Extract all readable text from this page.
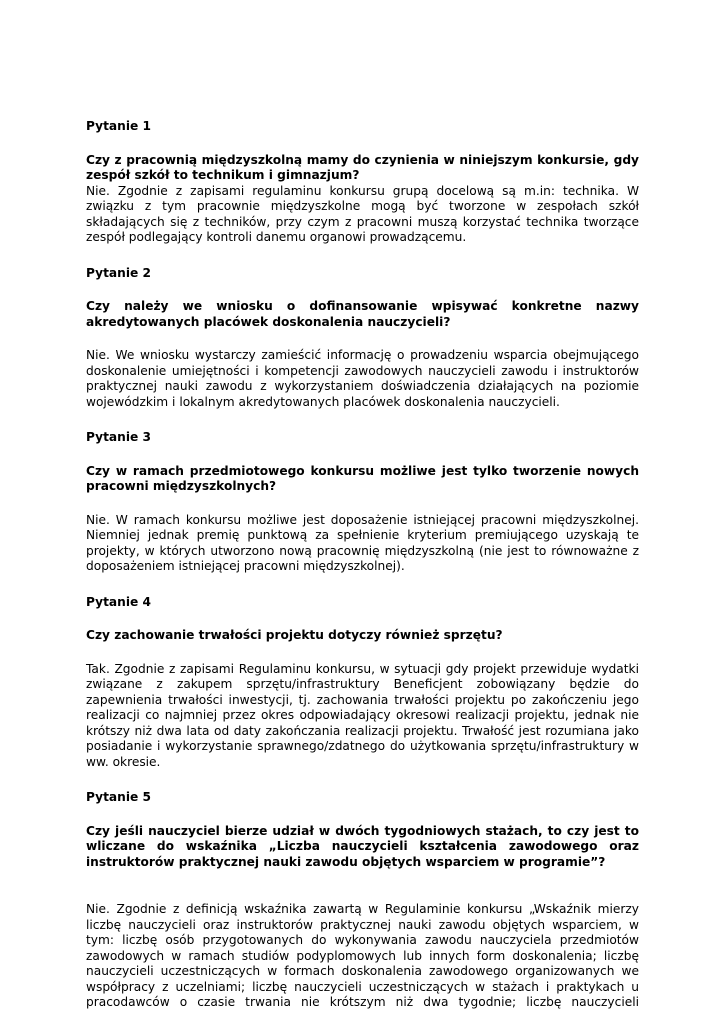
Pytanie 1

Czy z pracownią międzyszkolną mamy do czynienia w niniejszym konkursie, gdy zespół szkół to technikum i gimnazjum?

Nie. Zgodnie z zapisami regulaminu konkursu grupą docelową są m.in: technika. W związku z tym pracownie międzyszkolne mogą być tworzone w zespołach szkół składających się z techników, przy czym z pracowni muszą korzystać technika tworzące zespół podlegający kontroli danemu organowi prowadzącemu.

Pytanie 2

Czy należy we wniosku o dofinansowanie wpisywać konkretne nazwy akredytowanych placówek doskonalenia nauczycieli?

Nie. We wniosku wystarczy zamieścić informację o prowadzeniu wsparcia obejmującego doskonalenie umiejętności i kompetencji zawodowych nauczycieli zawodu i instruktorów praktycznej nauki zawodu z wykorzystaniem doświadczenia działających na poziomie wojewódzkim i lokalnym akredytowanych placówek doskonalenia nauczycieli.

Pytanie 3

Czy w ramach przedmiotowego konkursu możliwe jest tylko tworzenie nowych pracowni międzyszkolnych?

Nie. W ramach konkursu możliwe jest doposażenie istniejącej pracowni międzyszkolnej. Niemniej jednak premię punktową za spełnienie kryterium premiującego uzyskają te projekty, w których utworzono nową pracownię międzyszkolną (nie jest to równoważne z doposażeniem istniejącej pracowni międzyszkolnej).

Pytanie 4

Czy zachowanie trwałości projektu dotyczy również sprzętu?

Tak. Zgodnie z zapisami Regulaminu konkursu, w sytuacji gdy projekt przewiduje wydatki związane z zakupem sprzętu/infrastruktury Beneficjent zobowiązany będzie do zapewnienia trwałości inwestycji, tj. zachowania trwałości projektu po zakończeniu jego realizacji co najmniej przez okres odpowiadający okresowi realizacji projektu, jednak nie krótszy niż dwa lata od daty zakończania realizacji projektu. Trwałość jest rozumiana jako posiadanie i wykorzystanie sprawnego/zdatnego do użytkowania sprzętu/infrastruktury w ww. okresie.

Pytanie 5

Czy jeśli nauczyciel bierze udział w dwóch tygodniowych stażach, to czy jest to wliczane do wskaźnika „Liczba nauczycieli kształcenia zawodowego oraz instruktorów praktycznej nauki zawodu objętych wsparciem w programie”?

Nie. Zgodnie z definicją wskaźnika zawartą w Regulaminie konkursu „Wskaźnik mierzy liczbę nauczycieli oraz instruktorów praktycznej nauki zawodu objętych wsparciem, w tym: liczbę osób przygotowanych do wykonywania zawodu nauczyciela przedmiotów zawodowych w ramach studiów podyplomowych lub innych form doskonalenia; liczbę nauczycieli uczestniczących w formach doskonalenia zawodowego organizowanych we współpracy z uczelniami; liczbę nauczycieli uczestniczących w stażach i praktykach u pracodawców o czasie trwania nie krótszym niż dwa tygodnie; liczbę nauczycieli
